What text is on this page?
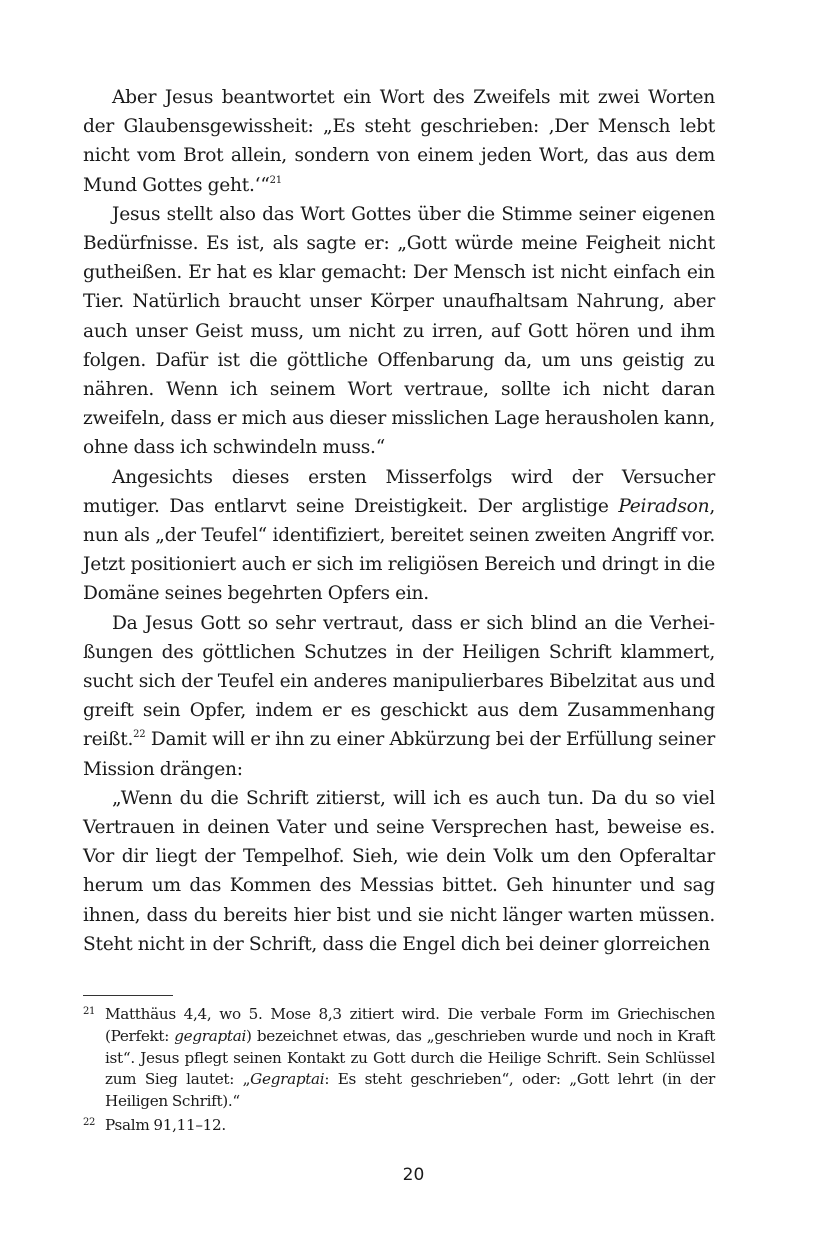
Aber Jesus beantwortet ein Wort des Zweifels mit zwei Worten der Glaubensgewissheit: „Es steht geschrieben: ‚Der Mensch lebt nicht vom Brot allein, sondern von einem jeden Wort, das aus dem Mund Gottes geht.‘“$^{21}$

Jesus stellt also das Wort Gottes über die Stimme seiner eigenen Bedürfnisse. Es ist, als sagte er: „Gott würde meine Feigheit nicht gutheißen. Er hat es klar gemacht: Der Mensch ist nicht einfach ein Tier. Natürlich braucht unser Körper unaufhaltsam Nahrung, aber auch unser Geist muss, um nicht zu irren, auf Gott hören und ihm folgen. Dafür ist die göttliche Offenbarung da, um uns geistig zu nähren. Wenn ich seinem Wort vertraue, sollte ich nicht daran zweifeln, dass er mich aus dieser misslichen Lage herausholen kann, ohne dass ich schwindeln muss.“

Angesichts dieses ersten Misserfolgs wird der Versucher mutiger. Das entlarvt seine Dreistigkeit. Der arglistige Peiradson, nun als „der Teufel“ identifiziert, bereitet seinen zweiten Angriff vor. Jetzt positioniert auch er sich im religiösen Bereich und dringt in die Domäne seines begehrten Opfers ein.

Da Jesus Gott so sehr vertraut, dass er sich blind an die Verheißungen des göttlichen Schutzes in der Heiligen Schrift klammert, sucht sich der Teufel ein anderes manipulierbares Bibelzitat aus und greift sein Opfer, indem er es geschickt aus dem Zusammenhang reißt.$^{22}$ Damit will er ihn zu einer Abkürzung bei der Erfüllung seiner Mission drängen:

„Wenn du die Schrift zitierst, will ich es auch tun. Da du so viel Vertrauen in deinen Vater und seine Versprechen hast, beweise es. Vor dir liegt der Tempelhof. Sieh, wie dein Volk um den Opferaltar herum um das Kommen des Messias bittet. Geh hinunter und sag ihnen, dass du bereits hier bist und sie nicht länger warten müssen. Steht nicht in der Schrift, dass die Engel dich bei deiner glorreichen

21 Matthäus 4,4, wo 5. Mose 8,3 zitiert wird. Die verbale Form im Griechischen (Perfekt: gegraptai) bezeichnet etwas, das „geschrieben wurde und noch in Kraft ist“. Jesus pflegt seinen Kontakt zu Gott durch die Heilige Schrift. Sein Schlüssel zum Sieg lautet: „Gegraptai: Es steht geschrieben“, oder: „Gott lehrt (in der Heiligen Schrift).“

22 Psalm 91,11–12.

20
